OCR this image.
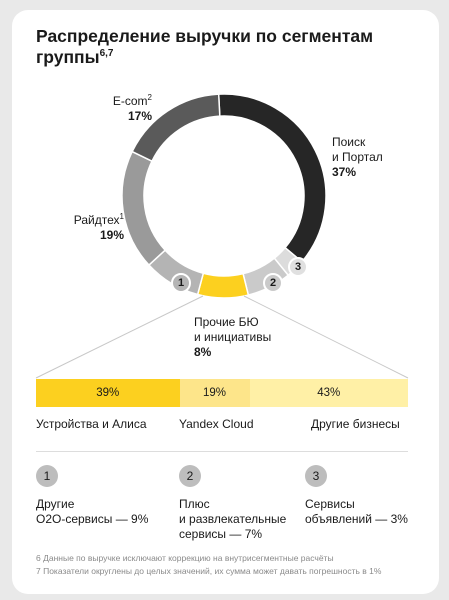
Распределение выручки по сегментам группы$^{6,7}$
Поиск
и Портал
37%
E-com$^2$
17%
Райдтех$^1$
19%
Прочие БЮ
и инициативы
8%
1	2
3
39%	19%	43%
Устройства и Алиса	Yandex Cloud	Другие бизнесы
1
Другие
О2О-сервисы — 9%
2
Плюс
и развлекательные
сервисы — 7%
3
Сервисы
объявлений — 3%
6 Данные по выручке исключают коррекцию на внутрисегментные расчёты
7 Показатели округлены до целых значений, их сумма может давать погрешность в 1%
